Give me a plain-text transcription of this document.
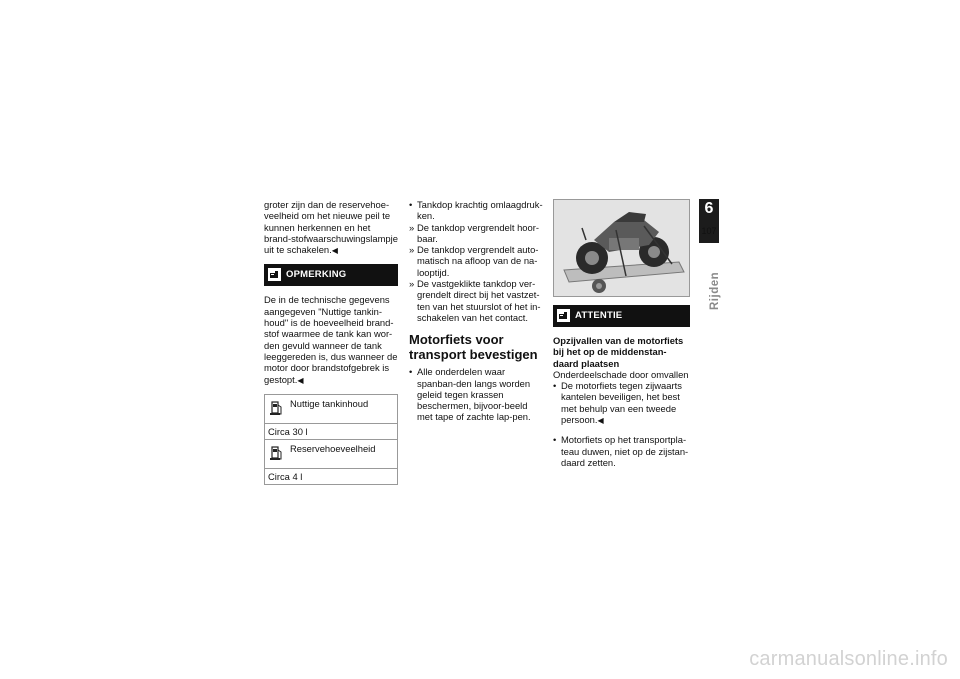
groter zijn dan de reservehoe-veelheid om het nieuwe peil te kunnen herkennen en het brand-stofwaarschuwingslampje uit te schakelen. ◀

OPMERKING

De in de technische gegevens aangegeven "Nuttige tankin-houd" is de hoeveelheid brand-stof waarmee de tank kan wor-den gevuld wanneer de tank leeggereden is, dus wanneer de motor door brandstofgebrek is gestopt. ◀

Nuttige tankinhoud
Circa 30 l
Reservehoeveelheid
Circa 4 l
• Tankdop krachtig omlaagdruk-ken.
» De tankdop vergrendelt hoor-baar.
» De tankdop vergrendelt auto-matisch na afloop van de na-looptijd.
» De vastgeklikte tankdop ver-grendelt direct bij het vastzet-ten van het stuurslot of het in-schakelen van het contact.
Motorfiets voor transport bevestigen
• Alle onderdelen waar spanban-den langs worden geleid tegen krassen beschermen, bijvoor-beeld met tape of zachte lap-pen.
ATTENTIE

Opzijvallen van de motorfiets bij het op de middenstan-daard plaatsen

Onderdeelschade door omvallen

• De motorfiets tegen zijwaarts kantelen beveiligen, het best met behulp van een tweede persoon. ◀
• Motorfiets op het transportpla-teau duwen, niet op de zijstan-daard zetten.
6
107
Rijden
carmanualsonline.info
